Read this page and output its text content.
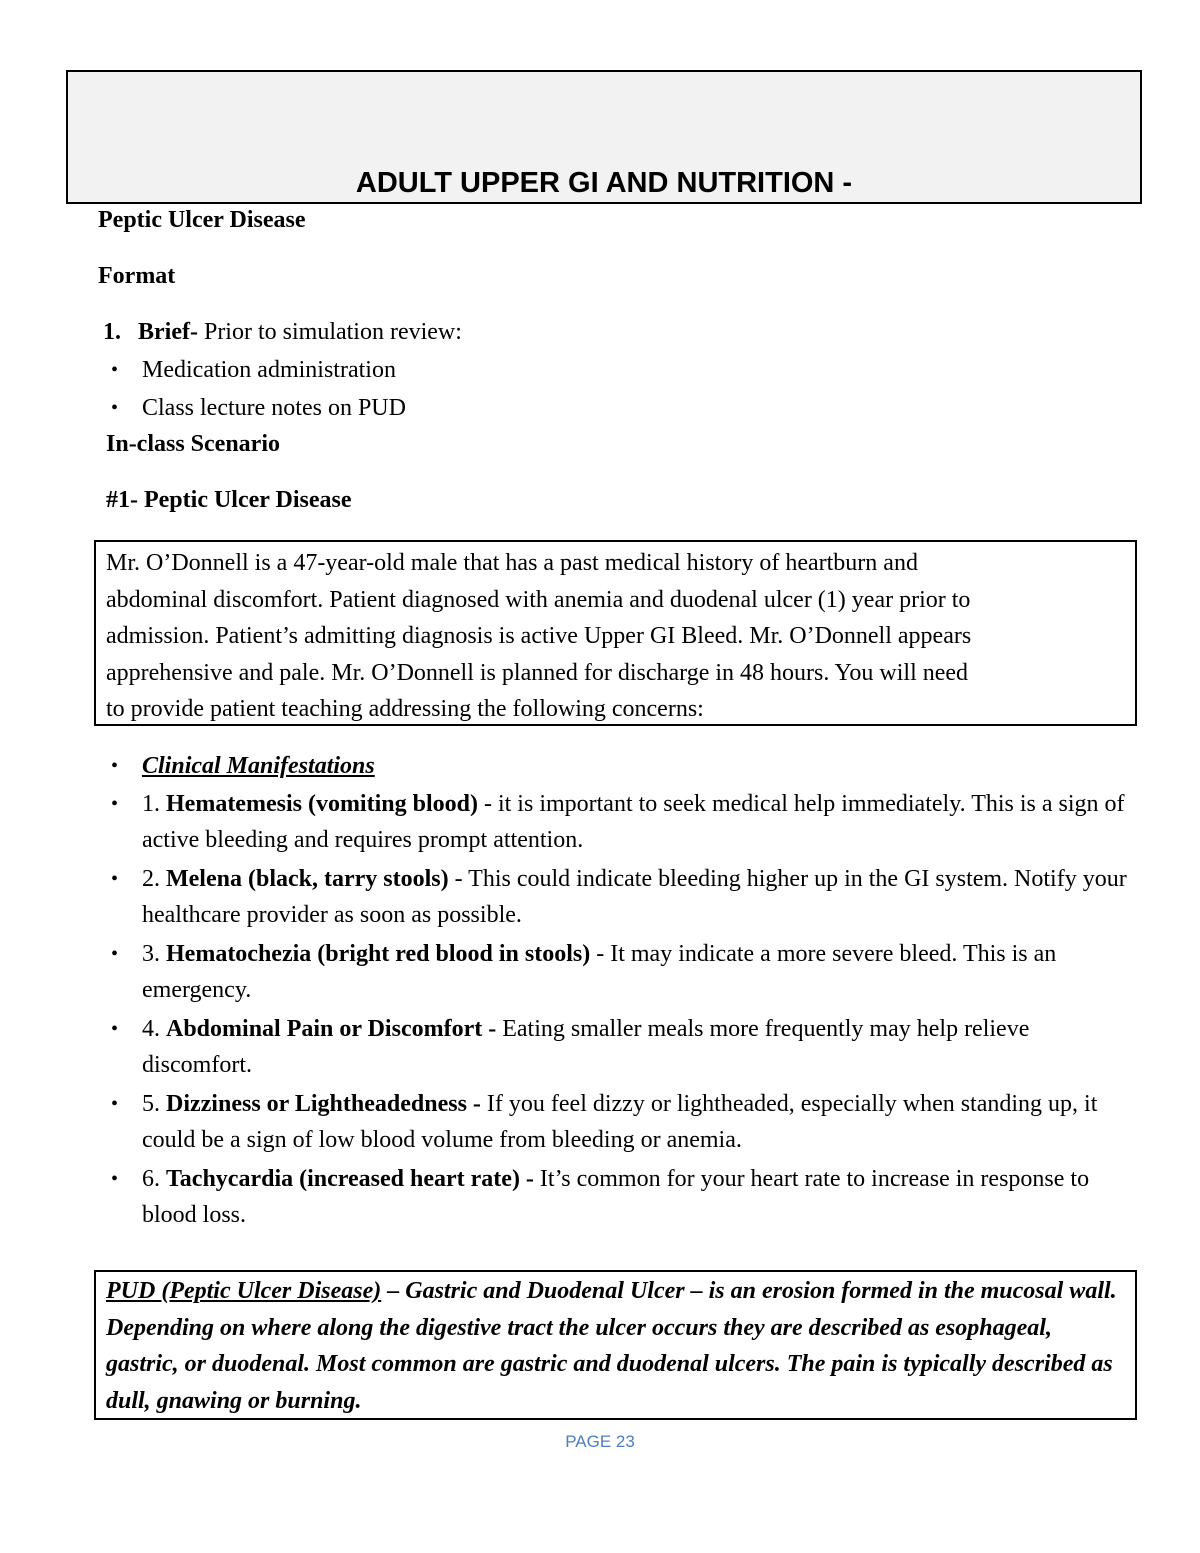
ADULT UPPER GI AND NUTRITION -
Peptic Ulcer Disease
Format
1. Brief- Prior to simulation review:
• Medication administration
• Class lecture notes on PUD
In-class Scenario
#1- Peptic Ulcer Disease
Mr. O’Donnell is a 47-year-old male that has a past medical history of heartburn and
abdominal discomfort. Patient diagnosed with anemia and duodenal ulcer (1) year prior to
admission. Patient’s admitting diagnosis is active Upper GI Bleed. Mr. O’Donnell appears
apprehensive and pale. Mr. O’Donnell is planned for discharge in 48 hours. You will need
to provide patient teaching addressing the following concerns:
• Clinical Manifestations
• 1. Hematemesis (vomiting blood) - it is important to seek medical help immediately. This is a sign of active bleeding and requires prompt attention.
• 2. Melena (black, tarry stools) - This could indicate bleeding higher up in the GI system. Notify your healthcare provider as soon as possible.
• 3. Hematochezia (bright red blood in stools) - It may indicate a more severe bleed. This is an emergency.
• 4. Abdominal Pain or Discomfort - Eating smaller meals more frequently may help relieve discomfort.
• 5. Dizziness or Lightheadedness - If you feel dizzy or lightheaded, especially when standing up, it could be a sign of low blood volume from bleeding or anemia.
• 6. Tachycardia (increased heart rate) - It’s common for your heart rate to increase in response to blood loss.
PUD (Peptic Ulcer Disease) – Gastric and Duodenal Ulcer – is an erosion formed in the mucosal wall. Depending on where along the digestive tract the ulcer occurs they are described as esophageal, gastric, or duodenal. Most common are gastric and duodenal ulcers. The pain is typically described as dull, gnawing or burning.
PAGE 23
